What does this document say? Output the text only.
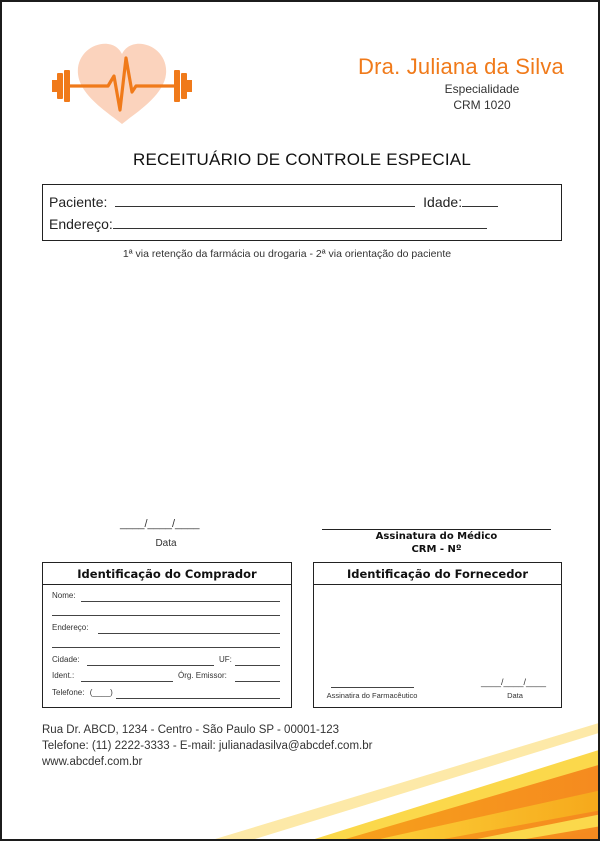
Dra. Juliana da Silva
Especialidade
CRM 1020
RECEITUÁRIO DE CONTROLE ESPECIAL
Paciente:	Idade:
Endereço:
1ª via retenção da farmácia ou drogaria - 2ª via orientação do paciente
____/____/____
Data
Assinatura do Médico
CRM - Nº
Identificação do Comprador
Nome:
Endereço:
Cidade:	UF:
Ident.:	Órg. Emissor:
Telefone: (____)
Identificação do Fornecedor
Assinatira do Farmacêutico
____/____/____
Data
Rua Dr. ABCD, 1234 - Centro - São Paulo SP - 00001-123
Telefone: (11) 2222-3333 - E-mail: julianadasilva@abcdef.com.br
www.abcdef.com.br
